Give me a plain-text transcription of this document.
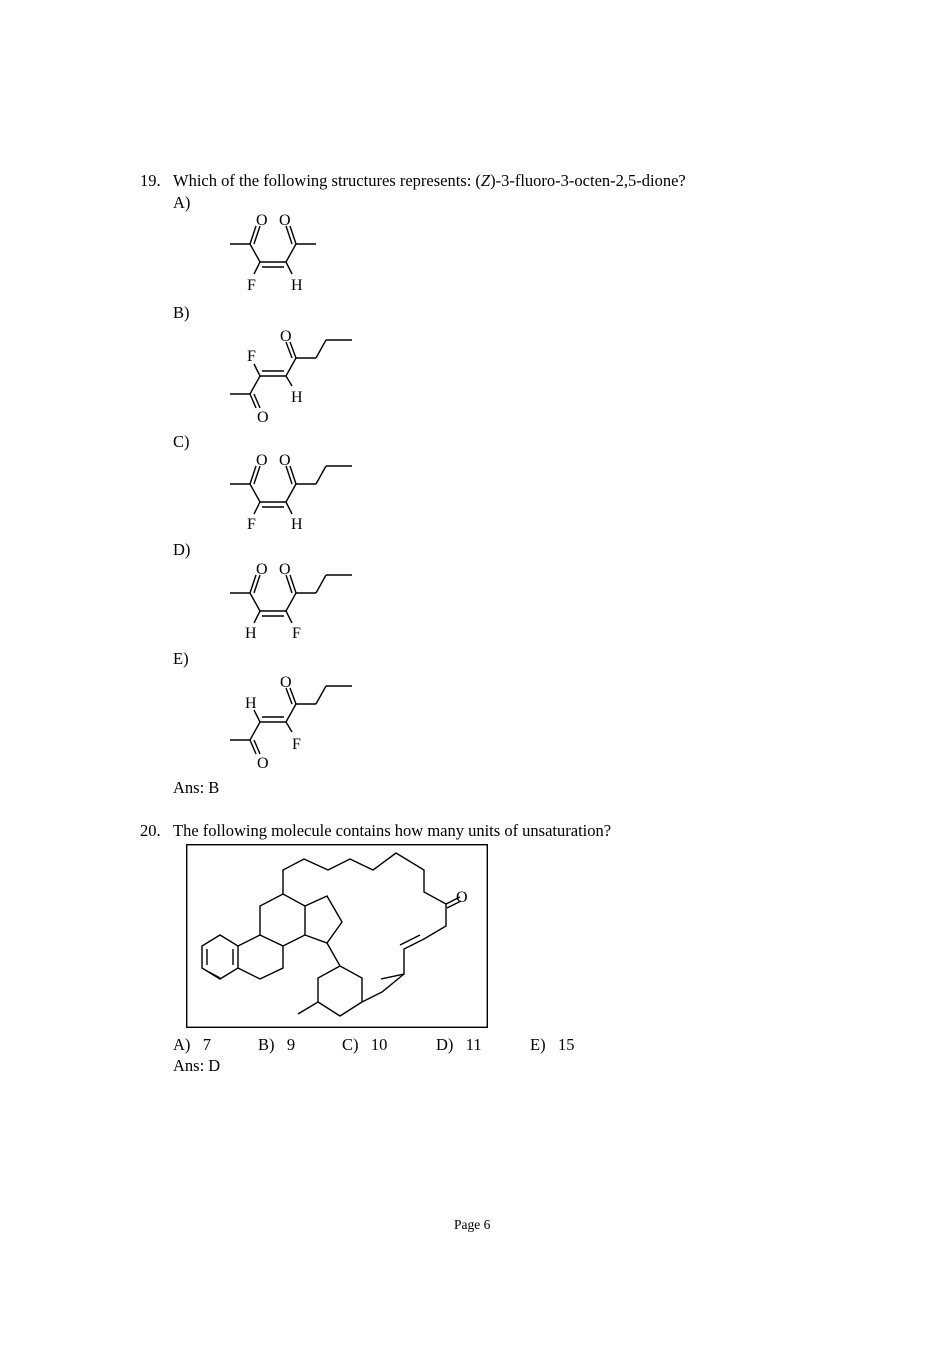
19. Which of the following structures represents: (Z)-3-fluoro-3-octen-2,5-dione?
A)
O O
F H
B)
O
F
H
O
C)
O O
F H
D)
O O
H F
E)
O
H
F
O
Ans: B
20. The following molecule contains how many units of unsaturation?
O
A) 7	B) 9	C) 10	D) 11	E) 15
Ans: D
Page 6
